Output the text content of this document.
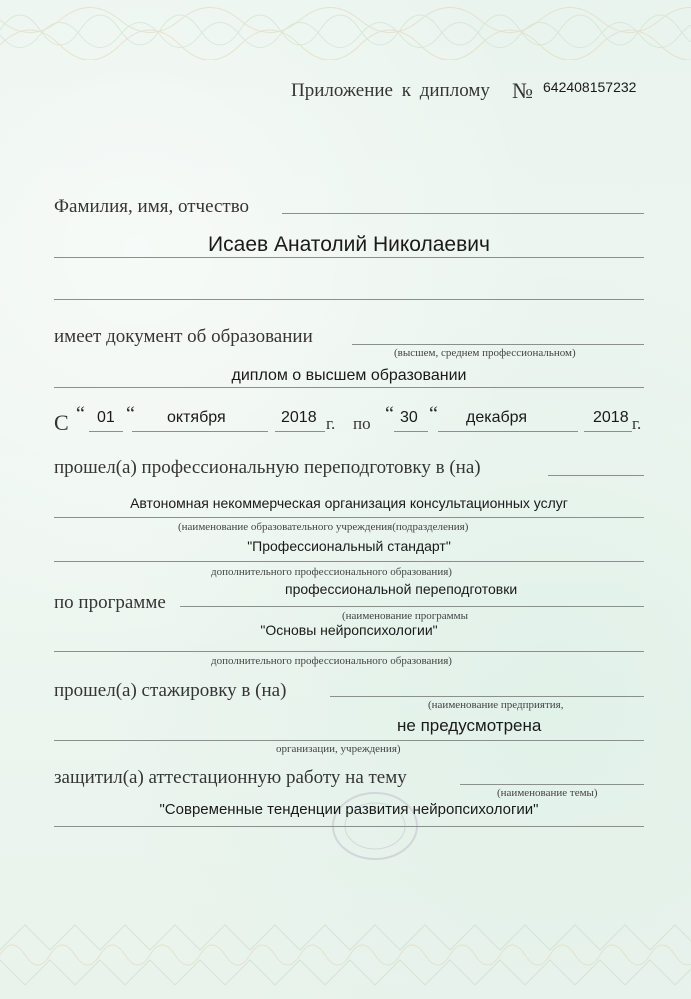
Приложение к диплому № 642408157232
Фамилия, имя, отчество
Исаев Анатолий Николаевич
имеет документ об образовании
(высшем, среднем профессиональном)
диплом о высшем образовании
С “ 01 “ октября	2018 г. по “ 30 “ декабря	2018 г.
прошел(а) профессиональную переподготовку в (на)
Автономная некоммерческая организация консультационных услуг
(наименование образовательного учреждения(подразделения)
"Профессиональный стандарт"
дополнительного профессионального образования)
по программе
профессиональной переподготовки
(наименование программы
"Основы нейропсихологии"
дополнительного профессионального образования)
прошел(а) стажировку в (на)
(наименование предприятия,
не предусмотрена
организации, учреждения)
защитил(а) аттестационную работу на тему
(наименование темы)
"Современные тенденции развития нейропсихологии"
